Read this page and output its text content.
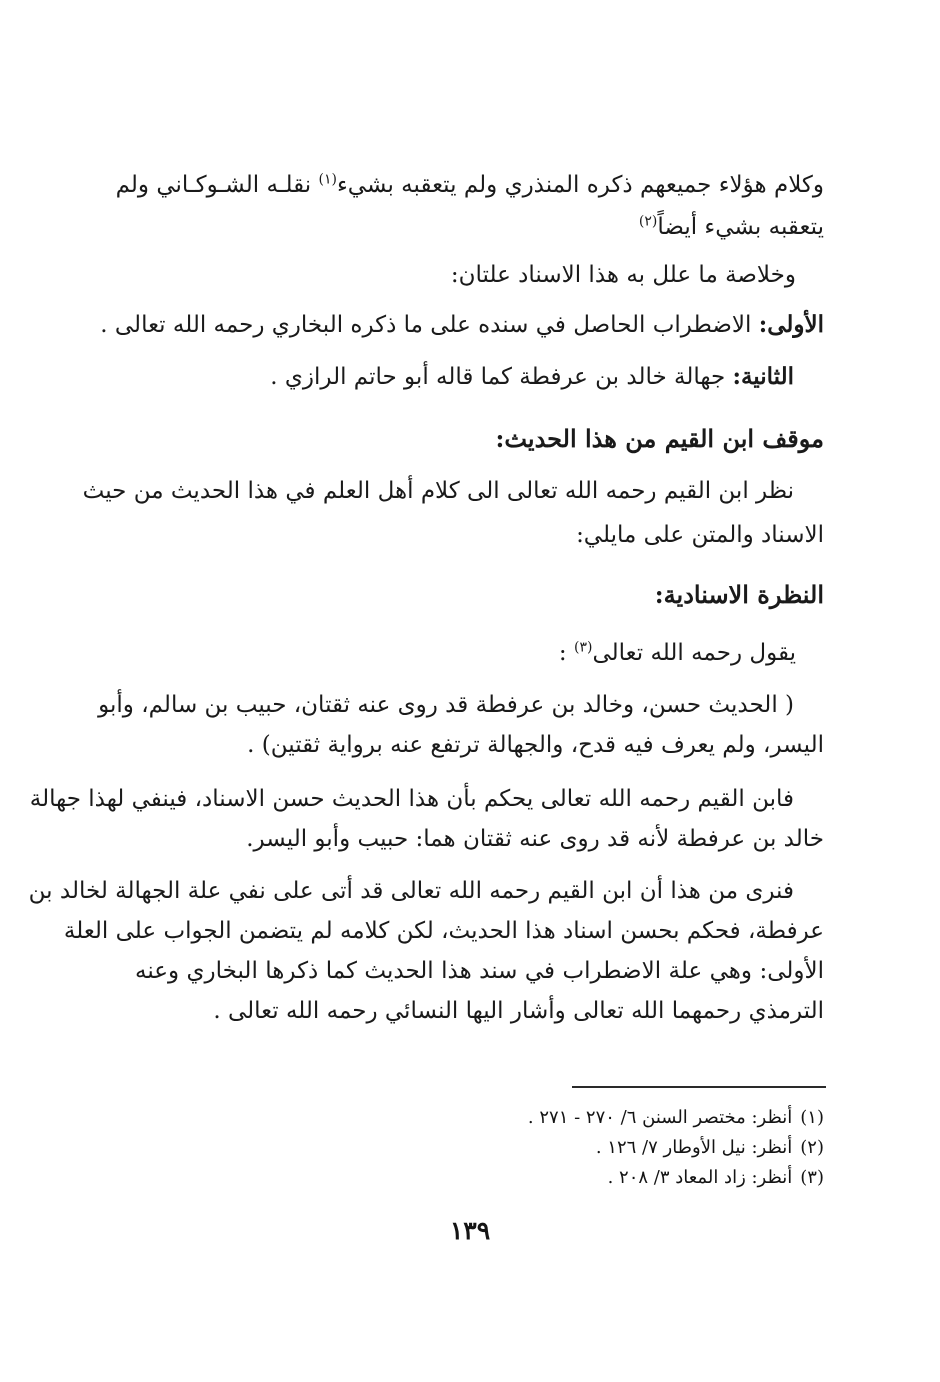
وكلام هؤلاء جميعهم ذكره المنذري ولم يتعقبه بشيء$^{(١)}$ نقلـه الشـوكـاني ولم

يتعقبه بشيء أيضاً$^{(٢)}$

وخلاصة ما علل به هذا الاسناد علتان:

الأولى: الاضطراب الحاصل في سنده على ما ذكره البخاري رحمه الله تعالى .

الثانية: جهالة خالد بن عرفطة كما قاله أبو حاتم الرازي .

موقف ابن القيم من هذا الحديث:

نظر ابن القيم رحمه الله تعالى الى كلام أهل العلم في هذا الحديث من حيث

الاسناد والمتن على مايلي:

النظرة الاسنادية:

يقول رحمه الله تعالى$^{(٣)}$ :

( الحديث حسن، وخالد بن عرفطة قد روى عنه ثقتان، حبيب بن سالم، وأبو

اليسر، ولم يعرف فيه قدح، والجهالة ترتفع عنه برواية ثقتين) .

فابن القيم رحمه الله تعالى يحكم بأن هذا الحديث حسن الاسناد، فينفي لهذا جهالة

خالد بن عرفطة لأنه قد روى عنه ثقتان هما: حبيب وأبو اليسر.

فنرى من هذا أن ابن القيم رحمه الله تعالى قد أتى على نفي علة الجهالة لخالد بن

عرفطة، فحكم بحسن اسناد هذا الحديث، لكن كلامه لم يتضمن الجواب على العلة

الأولى: وهي علة الاضطراب في سند هذا الحديث كما ذكرها البخاري وعنه

الترمذي رحمهما الله تعالى وأشار اليها النسائي رحمه الله تعالى .

(١)أنظر: مختصر السنن ٦/ ٢٧٠ - ٢٧١ .

(٢)أنظر: نيل الأوطار ٧/ ١٢٦ .

(٣)أنظر: زاد المعاد ٣/ ٢٠٨ .

١٣٩
